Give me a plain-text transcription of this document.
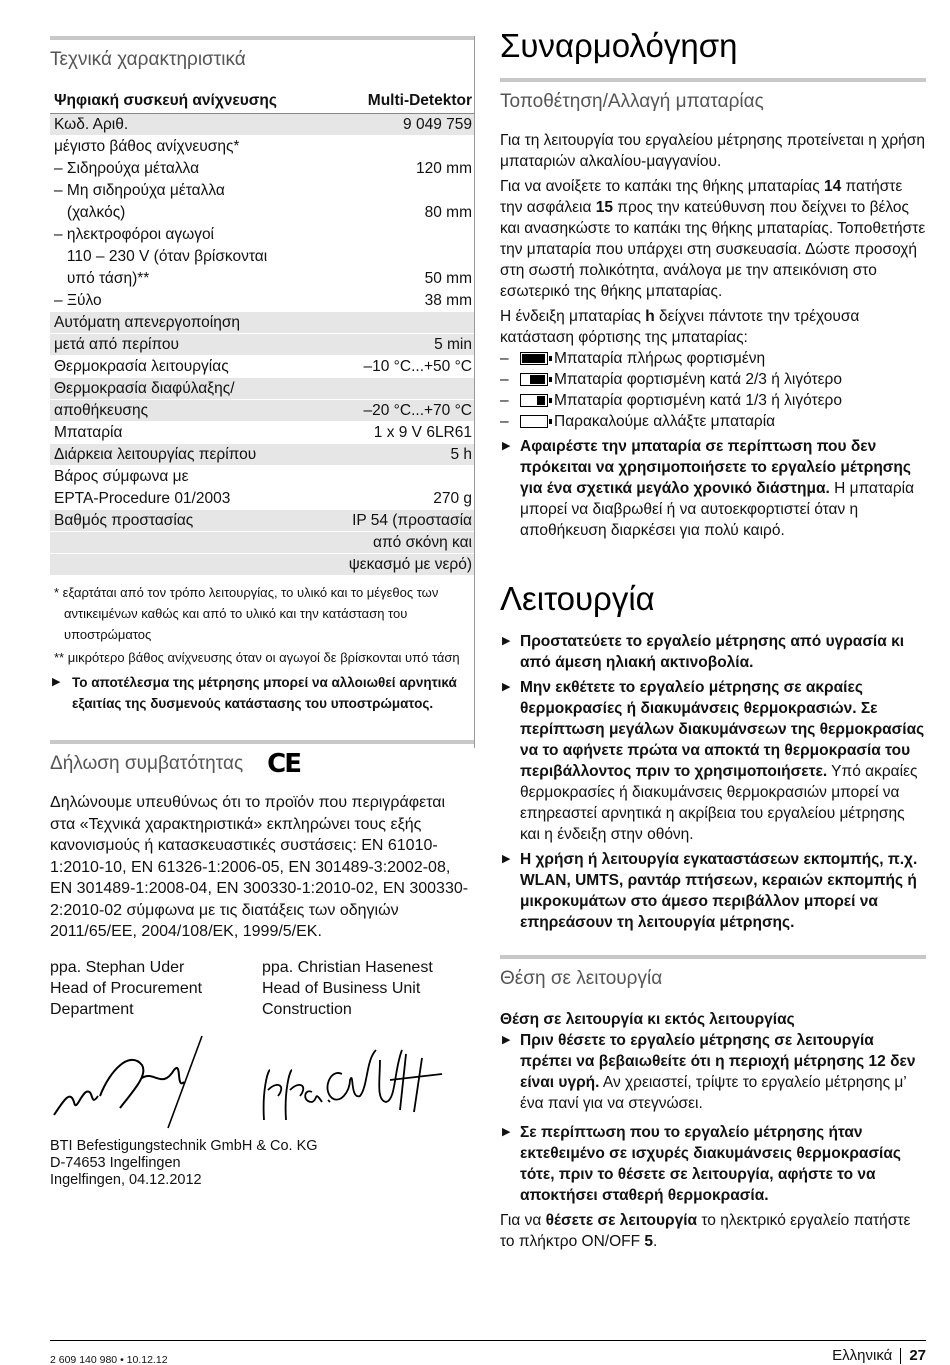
Τεχνικά χαρακτηριστικά
Ψηφιακή συσκευή ανίχνευσης	Multi-Detektor
Κωδ. Αριθ.	9 049 759
μέγιστο βάθος ανίχνευσης*	
– Σιδηρούχα μέταλλα	120 mm
– Μη σιδηρούχα μέταλλα	
(χαλκός)	80 mm
– ηλεκτροφόροι αγωγοί	
110 – 230 V (όταν βρίσκονται	
υπό τάση)**	50 mm
– Ξύλο	38 mm
Αυτόματη απενεργοποίηση	
μετά από περίπου	5 min
Θερμοκρασία λειτουργίας	–10 °C...+50 °C
Θερμοκρασία διαφύλαξης/	
αποθήκευσης	–20 °C...+70 °C
Μπαταρία	1 x 9 V 6LR61
Διάρκεια λειτουργίας περίπου	5 h
Βάρος σύμφωνα με	
EPTA-Procedure 01/2003	270 g
Βαθμός προστασίας	IP 54 (προστασία
	από σκόνη και
	ψεκασμό με νερό)
* εξαρτάται από τον τρόπο λειτουργίας, το υλικό και το μέγεθος των αντικειμένων καθώς και από το υλικό και την κατάσταση του υποστρώματος
** μικρότερο βάθος ανίχνευσης όταν οι αγωγοί δε βρίσκονται υπό τάση
▶ Το αποτέλεσμα της μέτρησης μπορεί να αλλοιωθεί αρνητικά εξαιτίας της δυσμενούς κατάστασης του υποστρώματος.
Δήλωση συμβατότητας CE

Δηλώνουμε υπευθύνως ότι το προϊόν που περιγράφεται στα «Τεχνικά χαρακτηριστικά» εκπληρώνει τους εξής κανονισμούς ή κατασκευαστικές συστάσεις: EN 61010-1:2010-10, EN 61326-1:2006-05, EN 301489-3:2002-08, EN 301489-1:2008-04, EN 300330-1:2010-02, EN 300330-2:2010-02 σύμφωνα με τις διατάξεις των οδηγιών 2011/65/EE, 2004/108/EK, 1999/5/EK.

ppa. Stephan Uder
Head of Procurement
Department
ppa. Christian Hasenest
Head of Business Unit
Construction
BTI Befestigungstechnik GmbH & Co. KG
D-74653 Ingelfingen
Ingelfingen, 04.12.2012
Συναρμολόγηση
Τοποθέτηση/Αλλαγή μπαταρίας

Για τη λειτουργία του εργαλείου μέτρησης προτείνεται η χρήση μπαταριών αλκαλίου-μαγγανίου.

Για να ανοίξετε το καπάκι της θήκης μπαταρίας 14 πατήστε την ασφάλεια 15 προς την κατεύθυνση που δείχνει το βέλος και ανασηκώστε το καπάκι της θήκης μπαταρίας. Τοποθετήστε την μπαταρία που υπάρχει στη συσκευασία. Δώστε προσοχή στη σωστή πολικότητα, ανάλογα με την απεικόνιση στο εσωτερικό της θήκης μπαταρίας.

Η ένδειξη μπαταρίας h δείχνει πάντοτε την τρέχουσα κατάσταση φόρτισης της μπαταρίας:

–	Μπαταρία πλήρως φορτισμένη
–	Μπαταρία φορτισμένη κατά 2/3 ή λιγότερο
–	Μπαταρία φορτισμένη κατά 1/3 ή λιγότερο
–	Παρακαλούμε αλλάξτε μπαταρία

▶ Αφαιρέστε την μπαταρία σε περίπτωση που δεν πρόκειται να χρησιμοποιήσετε το εργαλείο μέτρησης για ένα σχετικά μεγάλο χρονικό διάστημα. Η μπαταρία μπορεί να διαβρωθεί ή να αυτοεκφορτιστεί όταν η αποθήκευση διαρκέσει για πολύ καιρό.

Λειτουργία

▶ Προστατεύετε το εργαλείο μέτρησης από υγρασία κι από άμεση ηλιακή ακτινοβολία.

▶ Μην εκθέτετε το εργαλείο μέτρησης σε ακραίες θερμοκρασίες ή διακυμάνσεις θερμοκρασιών. Σε περίπτωση μεγάλων διακυμάνσεων της θερμοκρασίας να το αφήνετε πρώτα να αποκτά τη θερμοκρασία του περιβάλλοντος πριν το χρησιμοποιήσετε. Υπό ακραίες θερμοκρασίες ή διακυμάνσεις θερμοκρασιών μπορεί να επηρεαστεί αρνητικά η ακρίβεια του εργαλείου μέτρησης και η ένδειξη στην οθόνη.

▶ Η χρήση ή λειτουργία εγκαταστάσεων εκπομπής, π.χ. WLAN, UMTS, ραντάρ πτήσεων, κεραιών εκπομπής ή μικροκυμάτων στο άμεσο περιβάλλον μπορεί να επηρεάσουν τη λειτουργία μέτρησης.

Θέση σε λειτουργία

Θέση σε λειτουργία κι εκτός λειτουργίας

▶ Πριν θέσετε το εργαλείο μέτρησης σε λειτουργία πρέπει να βεβαιωθείτε ότι η περιοχή μέτρησης 12 δεν είναι υγρή. Αν χρειαστεί, τρίψτε το εργαλείο μέτρησης μ’ ένα πανί για να στεγνώσει.

▶ Σε περίπτωση που το εργαλείο μέτρησης ήταν εκτεθειμένο σε ισχυρές διακυμάνσεις θερμοκρασίας τότε, πριν το θέσετε σε λειτουργία, αφήστε το να αποκτήσει σταθερή θερμοκρασία.

Για να θέσετε σε λειτουργία το ηλεκτρικό εργαλείο πατήστε το πλήκτρο ON/OFF 5.

2 609 140 980 • 10.12.12	Ελληνικά 27
